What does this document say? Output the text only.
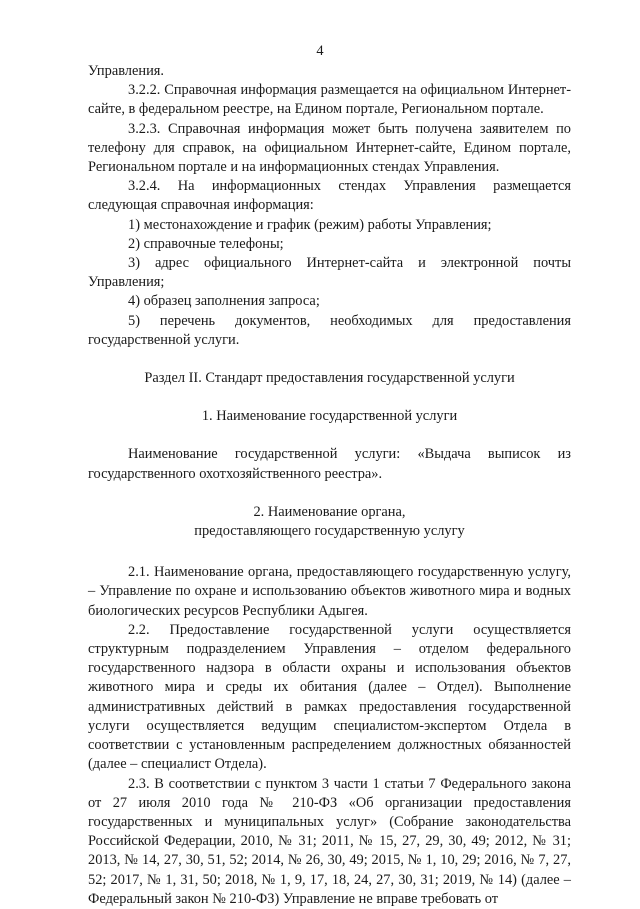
4

Управления.

3.2.2. Справочная информация размещается на официальном Интернет-сайте, в федеральном реестре, на Едином портале, Региональном портале.

3.2.3. Справочная информация может быть получена заявителем по телефону для справок, на официальном Интернет-сайте, Едином портале, Региональном портале и на информационных стендах Управления.

3.2.4. На информационных стендах Управления размещается следующая справочная информация:

1) местонахождение и график (режим) работы Управления;

2) справочные телефоны;

3) адрес официального Интернет-сайта и электронной почты Управления;

4) образец заполнения запроса;

5) перечень документов, необходимых для предоставления государственной услуги.

Раздел II. Стандарт предоставления государственной услуги

1. Наименование государственной услуги

Наименование государственной услуги: «Выдача выписок из государственного охотхозяйственного реестра».

2. Наименование органа,

предоставляющего государственную услугу

2.1. Наименование органа, предоставляющего государственную услугу, – Управление по охране и использованию объектов животного мира и водных биологических ресурсов Республики Адыгея.

2.2. Предоставление государственной услуги осуществляется структурным подразделением Управления – отделом федерального государственного надзора в области охраны и использования объектов животного мира и среды их обитания (далее – Отдел). Выполнение административных действий в рамках предоставления государственной услуги осуществляется ведущим специалистом-экспертом Отдела в соответствии с установленным распределением должностных обязанностей (далее – специалист Отдела).

2.3. В соответствии с пунктом 3 части 1 статьи 7 Федерального закона от 27 июля 2010 года № 210-ФЗ «Об организации предоставления государственных и муниципальных услуг» (Собрание законодательства Российской Федерации, 2010, № 31; 2011, № 15, 27, 29, 30, 49; 2012, № 31; 2013, № 14, 27, 30, 51, 52; 2014, № 26, 30, 49; 2015, № 1, 10, 29; 2016, № 7, 27, 52; 2017, № 1, 31, 50; 2018, № 1, 9, 17, 18, 24, 27, 30, 31; 2019, № 14) (далее – Федеральный закон № 210-ФЗ) Управление не вправе требовать от
